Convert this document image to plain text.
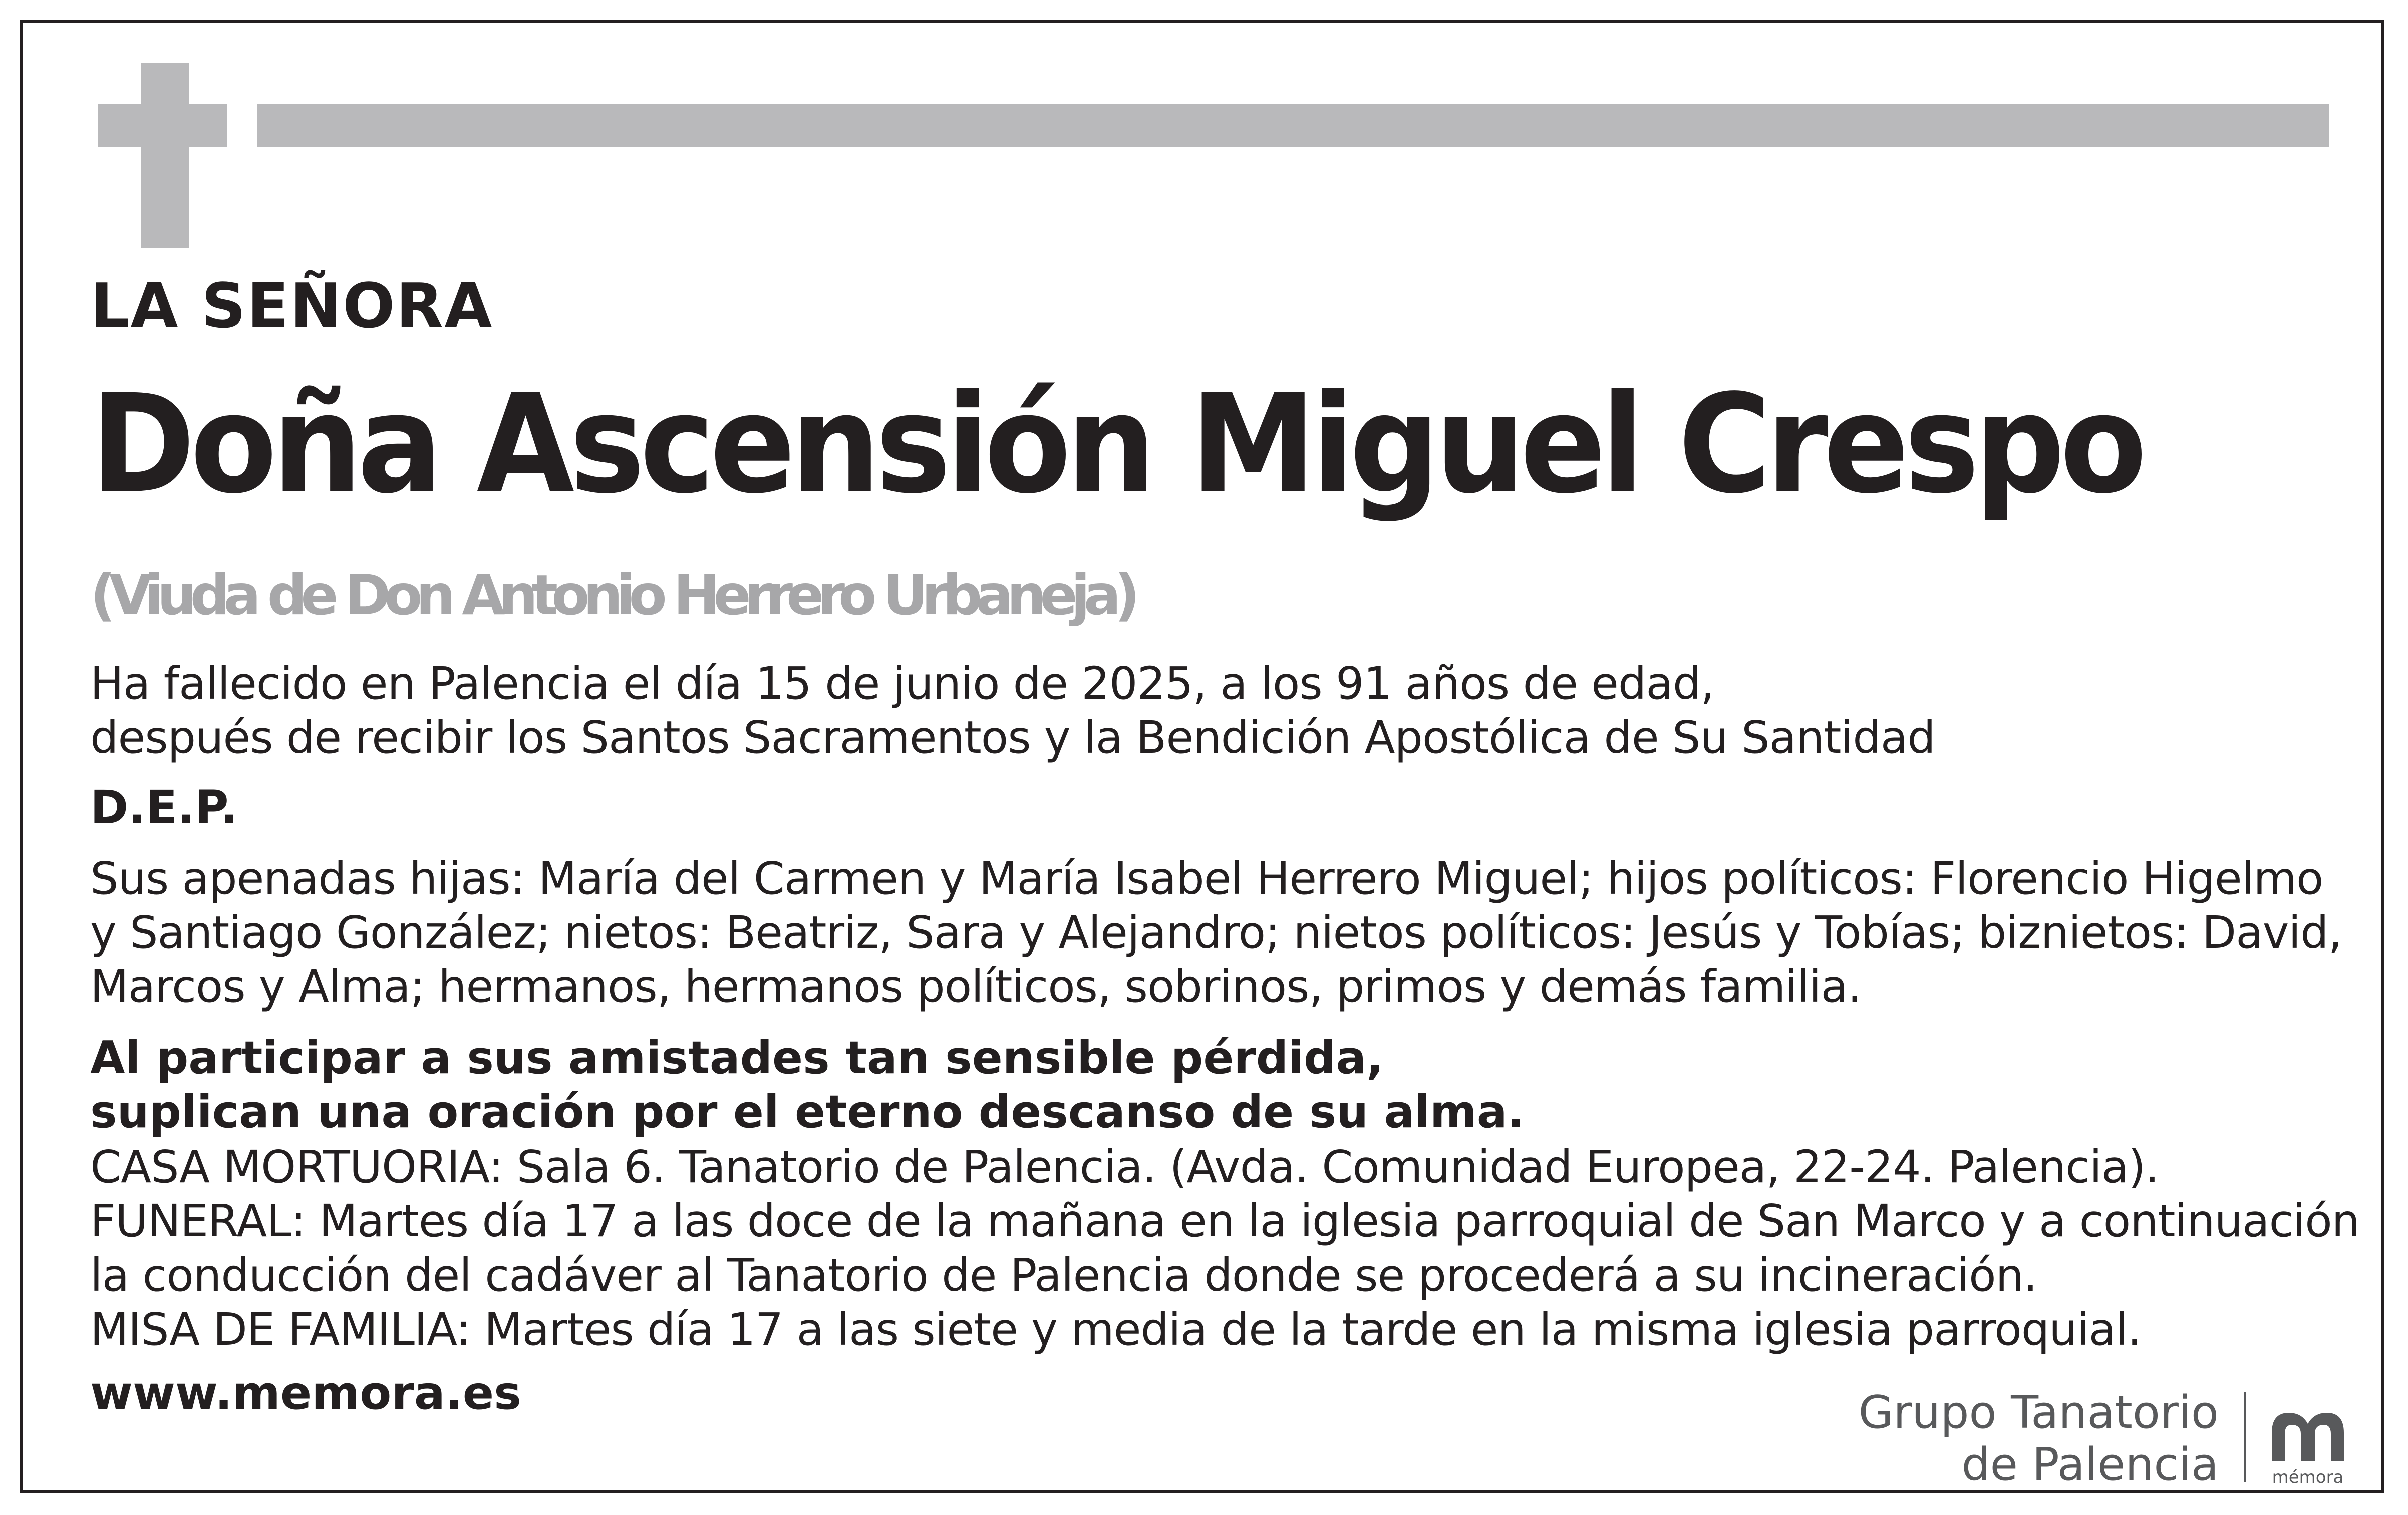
LA SEÑORA

Doña Ascensión Miguel Crespo

(Viuda de Don Antonio Herrero Urbaneja)

Ha fallecido en Palencia el día 15 de junio de 2025, a los 91 años de edad,
después de recibir los Santos Sacramentos y la Bendición Apostólica de Su Santidad

D.E.P.

Sus apenadas hijas: María del Carmen y María Isabel Herrero Miguel; hijos políticos: Florencio Higelmo
y Santiago González; nietos: Beatriz, Sara y Alejandro; nietos políticos: Jesús y Tobías; biznietos: David,
Marcos y Alma; hermanos, hermanos políticos, sobrinos, primos y demás familia.
Al participar a sus amistades tan sensible pérdida,
suplican una oración por el eterno descanso de su alma.
CASA MORTUORIA: Sala 6. Tanatorio de Palencia. (Avda. Comunidad Europea, 22-24. Palencia).
FUNERAL: Martes día 17 a las doce de la mañana en la iglesia parroquial de San Marco y a continuación
la conducción del cadáver al Tanatorio de Palencia donde se procederá a su incineración.
MISA DE FAMILIA: Martes día 17 a las siete y media de la tarde en la misma iglesia parroquial.
www.memora.es	Grupo Tanatorio
de Palencia	mémora
